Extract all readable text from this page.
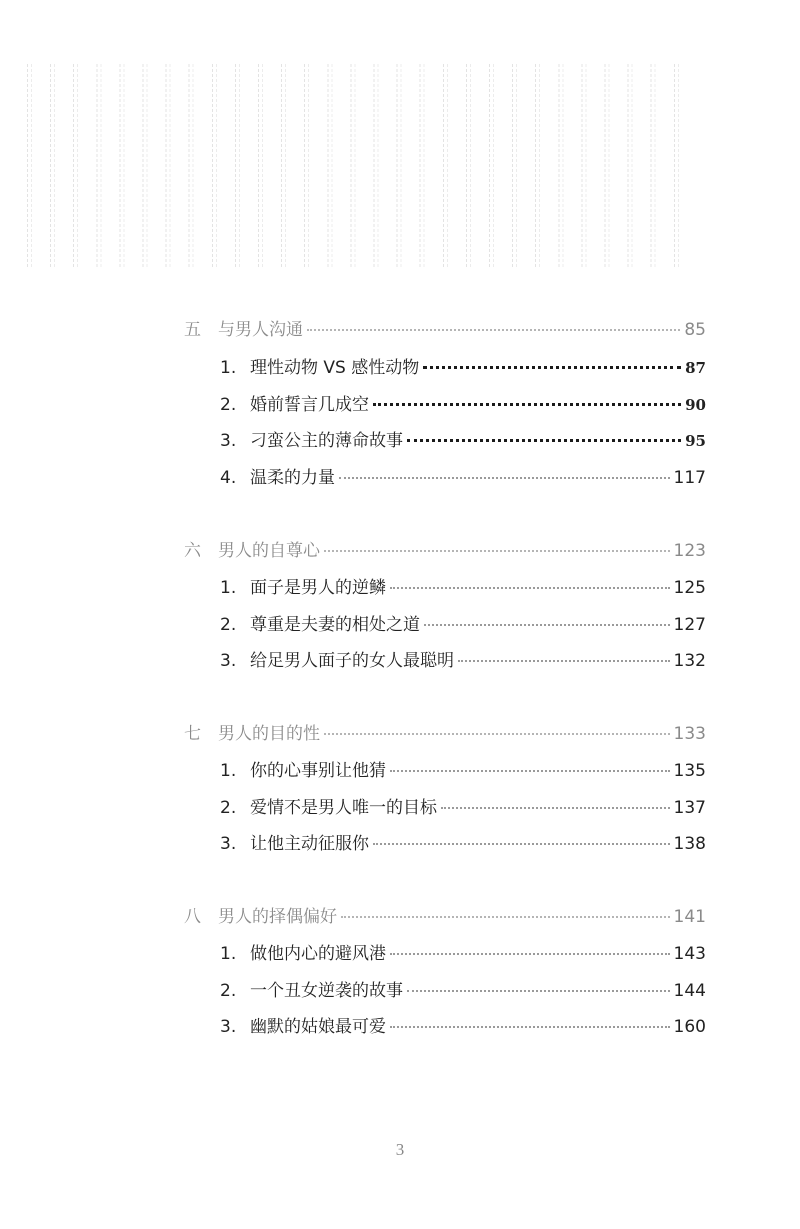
五	与男人沟通	85
1. 理性动物 VS 感性动物	87
2. 婚前誓言几成空	90
3. 刁蛮公主的薄命故事	95
4. 温柔的力量	117
六	男人的自尊心	123
1. 面子是男人的逆鳞	125
2. 尊重是夫妻的相处之道	127
3. 给足男人面子的女人最聪明	132
七	男人的目的性	133
1. 你的心事别让他猜	135
2. 爱情不是男人唯一的目标	137
3. 让他主动征服你	138
八	男人的择偶偏好	141
1. 做他内心的避风港	143
2. 一个丑女逆袭的故事	144
3. 幽默的姑娘最可爱	160
3
